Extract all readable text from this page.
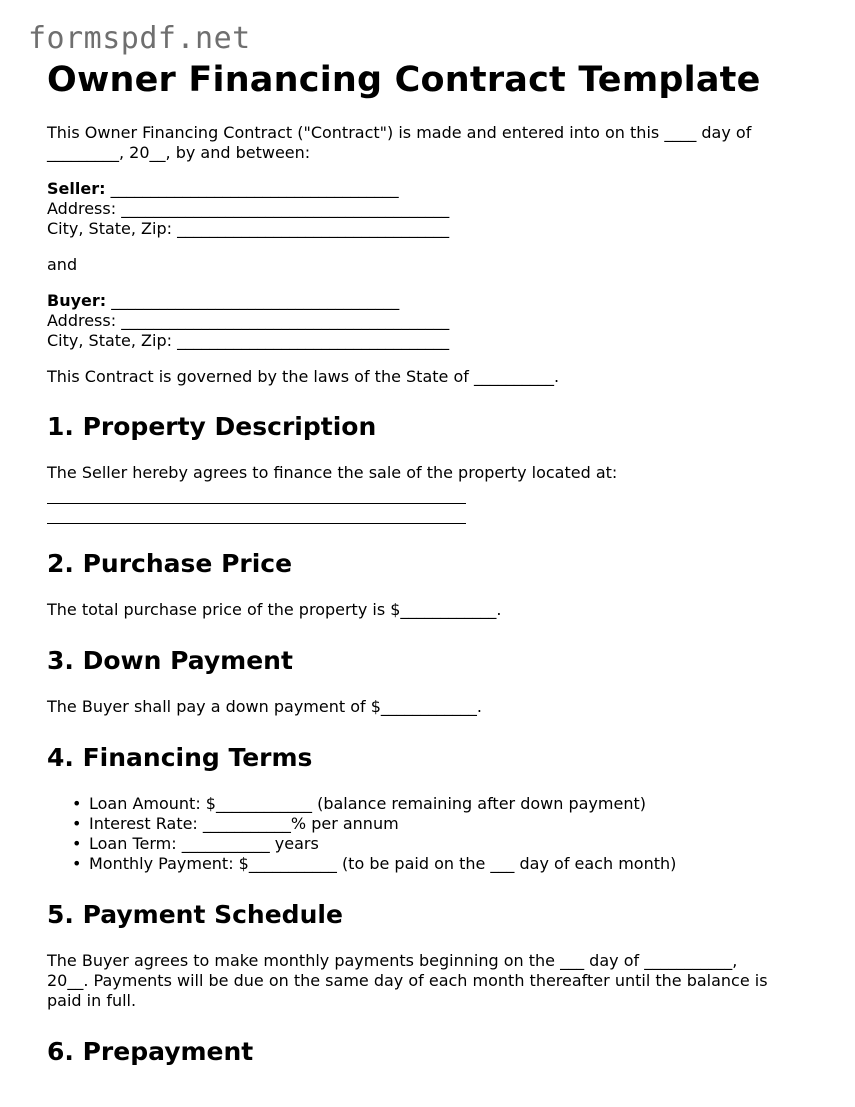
formspdf.net
Owner Financing Contract Template

This Owner Financing Contract ("Contract") is made and entered into on this ____ day of

_________, 20__, by and between:

Seller: ____________________________________

Address: _________________________________________

City, State, Zip: __________________________________

and

Buyer: ____________________________________

Address: _________________________________________

City, State, Zip: __________________________________

This Contract is governed by the laws of the State of __________.

1. Property Description

The Seller hereby agrees to finance the sale of the property located at:

2. Purchase Price

The total purchase price of the property is $____________.

3. Down Payment

The Buyer shall pay a down payment of $____________.

4. Financing Terms
• Loan Amount: $____________ (balance remaining after down payment)
• Interest Rate: ___________% per annum
• Loan Term: ___________ years
• Monthly Payment: $___________ (to be paid on the ___ day of each month)
5. Payment Schedule

The Buyer agrees to make monthly payments beginning on the ___ day of ___________,

20__. Payments will be due on the same day of each month thereafter until the balance is

paid in full.

6. Prepayment
